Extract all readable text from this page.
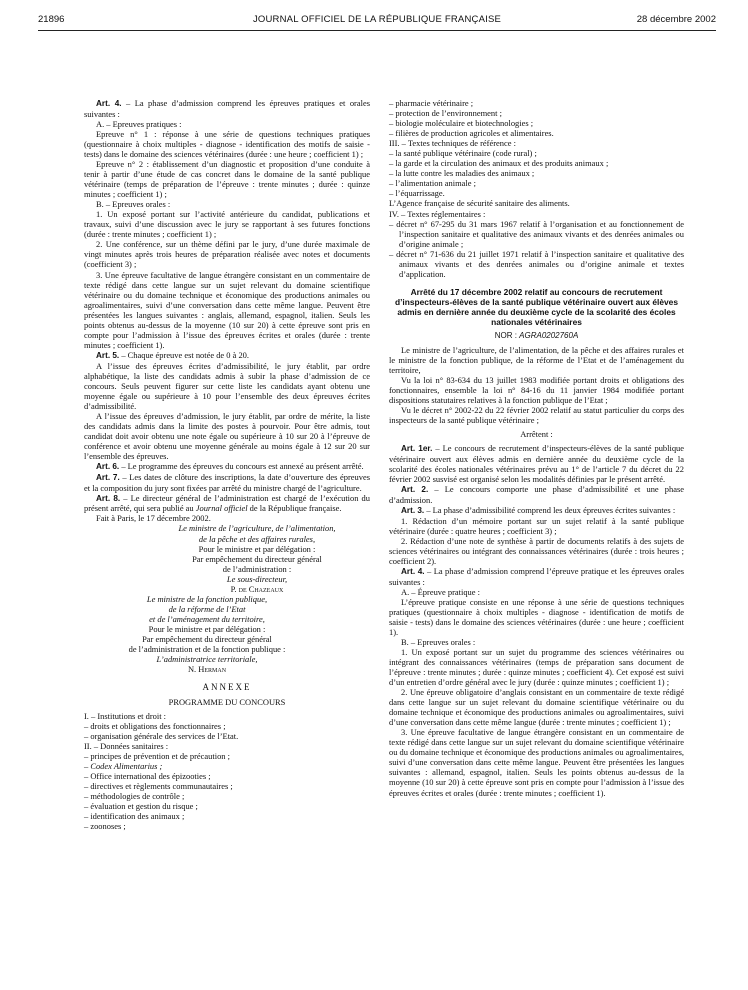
21896	JOURNAL OFFICIEL DE LA RÉPUBLIQUE FRANÇAISE	28 décembre 2002

Art. 4. – La phase d’admission comprend les épreuves pratiques et orales suivantes :

A. – Epreuves pratiques :

Epreuve n° 1 : réponse à une série de questions techniques pratiques (questionnaire à choix multiples - diagnose - identification des motifs de saisie - tests) dans le domaine des sciences vétérinaires (durée : une heure ; coefficient 1) ;

Epreuve n° 2 : établissement d’un diagnostic et proposition d’une conduite à tenir à partir d’une étude de cas concret dans le domaine de la santé publique vétérinaire (temps de préparation de l’épreuve : trente minutes ; durée : quinze minutes ; coefficient 1) ;

B. – Epreuves orales :

1. Un exposé portant sur l’activité antérieure du candidat, publications et travaux, suivi d’une discussion avec le jury se rapportant à ses futures fonctions (durée : trente minutes ; coefficient 1) ;

2. Une conférence, sur un thème défini par le jury, d’une durée maximale de vingt minutes après trois heures de préparation réalisée avec notes et documents (coefficient 3) ;

3. Une épreuve facultative de langue étrangère consistant en un commentaire de texte rédigé dans cette langue sur un sujet relevant du domaine scientifique vétérinaire ou du domaine technique et économique des productions animales ou agroalimentaires, suivi d’une conversation dans cette même langue. Peuvent être présentées les langues suivantes : anglais, allemand, espagnol, italien. Seuls les points obtenus au-dessus de la moyenne (10 sur 20) à cette épreuve sont pris en compte pour l’admission à l’issue des épreuves écrites et orales (durée : trente minutes ; coefficient 1).

Art. 5. – Chaque épreuve est notée de 0 à 20.

A l’issue des épreuves écrites d’admissibilité, le jury établit, par ordre alphabétique, la liste des candidats admis à subir la phase d’admission de ce concours. Seuls peuvent figurer sur cette liste les candidats ayant obtenu une moyenne égale ou supérieure à 10 pour l’ensemble des deux épreuves écrites d’admissibilité.

A l’issue des épreuves d’admission, le jury établit, par ordre de mérite, la liste des candidats admis dans la limite des postes à pourvoir. Pour être admis, tout candidat doit avoir obtenu une note égale ou supérieure à 10 sur 20 à l’épreuve de conférence et avoir obtenu une moyenne générale au moins égale à 12 sur 20 sur l’ensemble des épreuves.

Art. 6. – Le programme des épreuves du concours est annexé au présent arrêté.

Art. 7. – Les dates de clôture des inscriptions, la date d’ouverture des épreuves et la composition du jury sont fixées par arrêté du ministre chargé de l’agriculture.

Art. 8. – Le directeur général de l’administration est chargé de l’exécution du présent arrêté, qui sera publié au Journal officiel de la République française.

Fait à Paris, le 17 décembre 2002.

Le ministre de l’agriculture, de l’alimentation,

de la pêche et des affaires rurales,

Pour le ministre et par délégation :

Par empêchement du directeur général

de l’administration :

Le sous-directeur,

P. de Chazeaux

Le ministre de la fonction publique,

de la réforme de l’Etat

et de l’aménagement du territoire,

Pour le ministre et par délégation :

Par empêchement du directeur général

de l’administration et de la fonction publique :

L’administratrice territoriale,

N. Herman

ANNEXE

PROGRAMME DU CONCOURS

I. – Institutions et droit :

– droits et obligations des fonctionnaires ;
– organisation générale des services de l’Etat.

II. – Données sanitaires :

– principes de prévention et de précaution ;
– Codex Alimentarius ;
– Office international des épizooties ;
– directives et règlements communautaires ;
– méthodologies de contrôle ;
– évaluation et gestion du risque ;
– identification des animaux ;
– zoonoses ;
– pharmacie vétérinaire ;
– protection de l’environnement ;
– biologie moléculaire et biotechnologies ;
– filières de production agricoles et alimentaires.

III. – Textes techniques de référence :

– la santé publique vétérinaire (code rural) ;
– la garde et la circulation des animaux et des produits animaux ;
– la lutte contre les maladies des animaux ;
– l’alimentation animale ;
– l’équarrissage.

L’Agence française de sécurité sanitaire des aliments.

IV. – Textes réglementaires :

– décret n° 67-295 du 31 mars 1967 relatif à l’organisation et au fonctionnement de l’inspection sanitaire et qualitative des animaux vivants et des denrées animales ou d’origine animale ;
– décret n° 71-636 du 21 juillet 1971 relatif à l’inspection sanitaire et qualitative des animaux vivants et des denrées animales ou d’origine animale et textes d’application.

Arrêté du 17 décembre 2002 relatif au concours de recrutement d’inspecteurs-élèves de la santé publique vétérinaire ouvert aux élèves admis en dernière année du deuxième cycle de la scolarité des écoles nationales vétérinaires

NOR : AGRA0202760A

Le ministre de l’agriculture, de l’alimentation, de la pêche et des affaires rurales et le ministre de la fonction publique, de la réforme de l’Etat et de l’aménagement du territoire,

Vu la loi n° 83-634 du 13 juillet 1983 modifiée portant droits et obligations des fonctionnaires, ensemble la loi n° 84-16 du 11 janvier 1984 modifiée portant dispositions statutaires relatives à la fonction publique de l’Etat ;

Vu le décret n° 2002-22 du 22 février 2002 relatif au statut particulier du corps des inspecteurs de la santé publique vétérinaire ;

Arrêtent :

Art. 1er. – Le concours de recrutement d’inspecteurs-élèves de la santé publique vétérinaire ouvert aux élèves admis en dernière année du deuxième cycle de la scolarité des écoles nationales vétérinaires prévu au 1° de l’article 7 du décret du 22 février 2002 susvisé est organisé selon les modalités définies par le présent arrêté.

Art. 2. – Le concours comporte une phase d’admissibilité et une phase d’admission.

Art. 3. – La phase d’admissibilité comprend les deux épreuves écrites suivantes :

1. Rédaction d’un mémoire portant sur un sujet relatif à la santé publique vétérinaire (durée : quatre heures ; coefficient 3) ;

2. Rédaction d’une note de synthèse à partir de documents relatifs à des sujets de sciences vétérinaires ou intégrant des connaissances vétérinaires (durée : trois heures ; coefficient 2).

Art. 4. – La phase d’admission comprend l’épreuve pratique et les épreuves orales suivantes :

A. – Épreuve pratique :

L’épreuve pratique consiste en une réponse à une série de questions techniques pratiques (questionnaire à choix multiples - diagnose - identification de motifs de saisie - tests) dans le domaine des sciences vétérinaires (durée : une heure ; coefficient 1).

B. – Epreuves orales :

1. Un exposé portant sur un sujet du programme des sciences vétérinaires ou intégrant des connaissances vétérinaires (temps de préparation sans document de l’épreuve : trente minutes ; durée : quinze minutes ; coefficient 4). Cet exposé est suivi d’un entretien d’ordre général avec le jury (durée : quinze minutes ; coefficient 1) ;

2. Une épreuve obligatoire d’anglais consistant en un commentaire de texte rédigé dans cette langue sur un sujet relevant du domaine scientifique vétérinaire ou du domaine technique et économique des productions animales ou agroalimentaires, suivi d’une conversation dans cette même langue (durée : trente minutes ; coefficient 1) ;

3. Une épreuve facultative de langue étrangère consistant en un commentaire de texte rédigé dans cette langue sur un sujet relevant du domaine scientifique vétérinaire ou du domaine technique et économique des productions animales ou agroalimentaires, suivi d’une conversation dans cette même langue. Peuvent être présentées les langues suivantes : allemand, espagnol, italien. Seuls les points obtenus au-dessus de la moyenne (10 sur 20) à cette épreuve sont pris en compte pour l’admission à l’issue des épreuves écrites et orales (durée : trente minutes ; coefficient 1).
